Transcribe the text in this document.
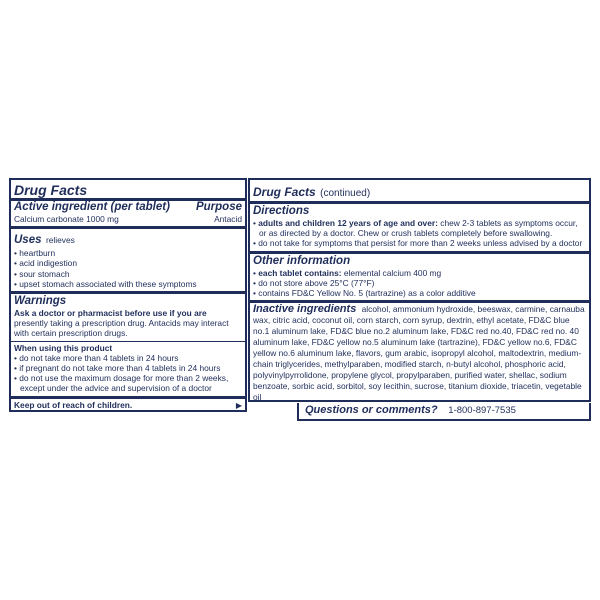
Drug Facts
Active ingredient (per tablet) Purpose
Calcium carbonate 1000 mg	Antacid
Uses relieves
• heartburn
• acid indigestion
• sour stomach
• upset stomach associated with these symptoms
Warnings
Ask a doctor or pharmacist before use if you are presently taking a prescription drug. Antacids may interact with certain prescription drugs.
When using this product
• do not take more than 4 tablets in 24 hours
• if pregnant do not take more than 4 tablets in 24 hours
• do not use the maximum dosage for more than 2 weeks, except under the advice and supervision of a doctor
Keep out of reach of children.	▶
Drug Facts (continued)
Directions
• adults and children 12 years of age and over: chew 2-3 tablets as symptoms occur, or as directed by a doctor. Chew or crush tablets completely before swallowing.
• do not take for symptoms that persist for more than 2 weeks unless advised by a doctor
Other information
• each tablet contains: elemental calcium 400 mg
• do not store above 25°C (77°F)
• contains FD&C Yellow No. 5 (tartrazine) as a color additive
Inactive ingredients alcohol, ammonium hydroxide, beeswax, carmine, carnauba wax, citric acid, coconut oil, corn starch, corn syrup, dextrin, ethyl acetate, FD&C blue no.1 aluminum lake, FD&C blue no.2 aluminum lake, FD&C red no.40, FD&C red no. 40 aluminum lake, FD&C yellow no.5 aluminum lake (tartrazine), FD&C yellow no.6, FD&C yellow no.6 aluminum lake, flavors, gum arabic, isopropyl alcohol, maltodextrin, medium-chain triglycerides, methylparaben, modified starch, n-butyl alcohol, phosphoric acid, polyvinylpyrrolidone, propylene glycol, propylparaben, purified water, shellac, sodium benzoate, sorbic acid, sorbitol, soy lecithin, sucrose, titanium dioxide, triacetin, vegetable oil
Questions or comments? 1-800-897-7535
